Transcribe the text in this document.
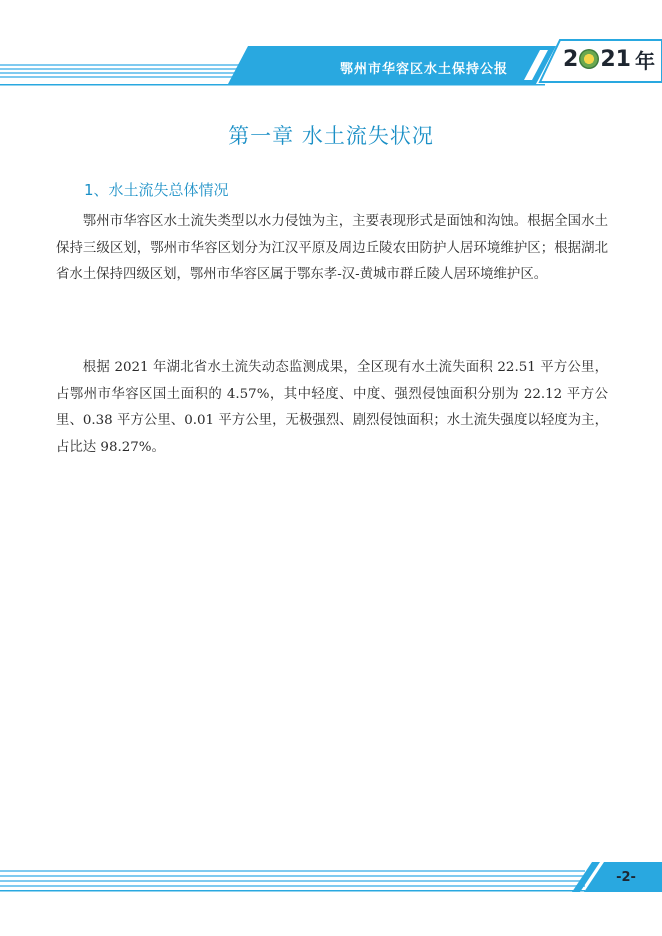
鄂州市华容区水土保持公报	2 21 年
第一章 水土流失状况
1、水土流失总体情况

鄂州市华容区水土流失类型以水力侵蚀为主，主要表现形式是面蚀和沟蚀。根据全国水土保持三级区划，鄂州市华容区划分为江汉平原及周边丘陵农田防护人居环境维护区；根据湖北省水土保持四级区划，鄂州市华容区属于鄂东孝-汉-黄城市群丘陵人居环境维护区。

根据 2021 年湖北省水土流失动态监测成果，全区现有水土流失面积 22.51 平方公里，占鄂州市华容区国土面积的 4.57%，其中轻度、中度、强烈侵蚀面积分别为 22.12 平方公里、0.38 平方公里、0.01 平方公里，无极强烈、剧烈侵蚀面积；水土流失强度以轻度为主，占比达 98.27%。

-2-
